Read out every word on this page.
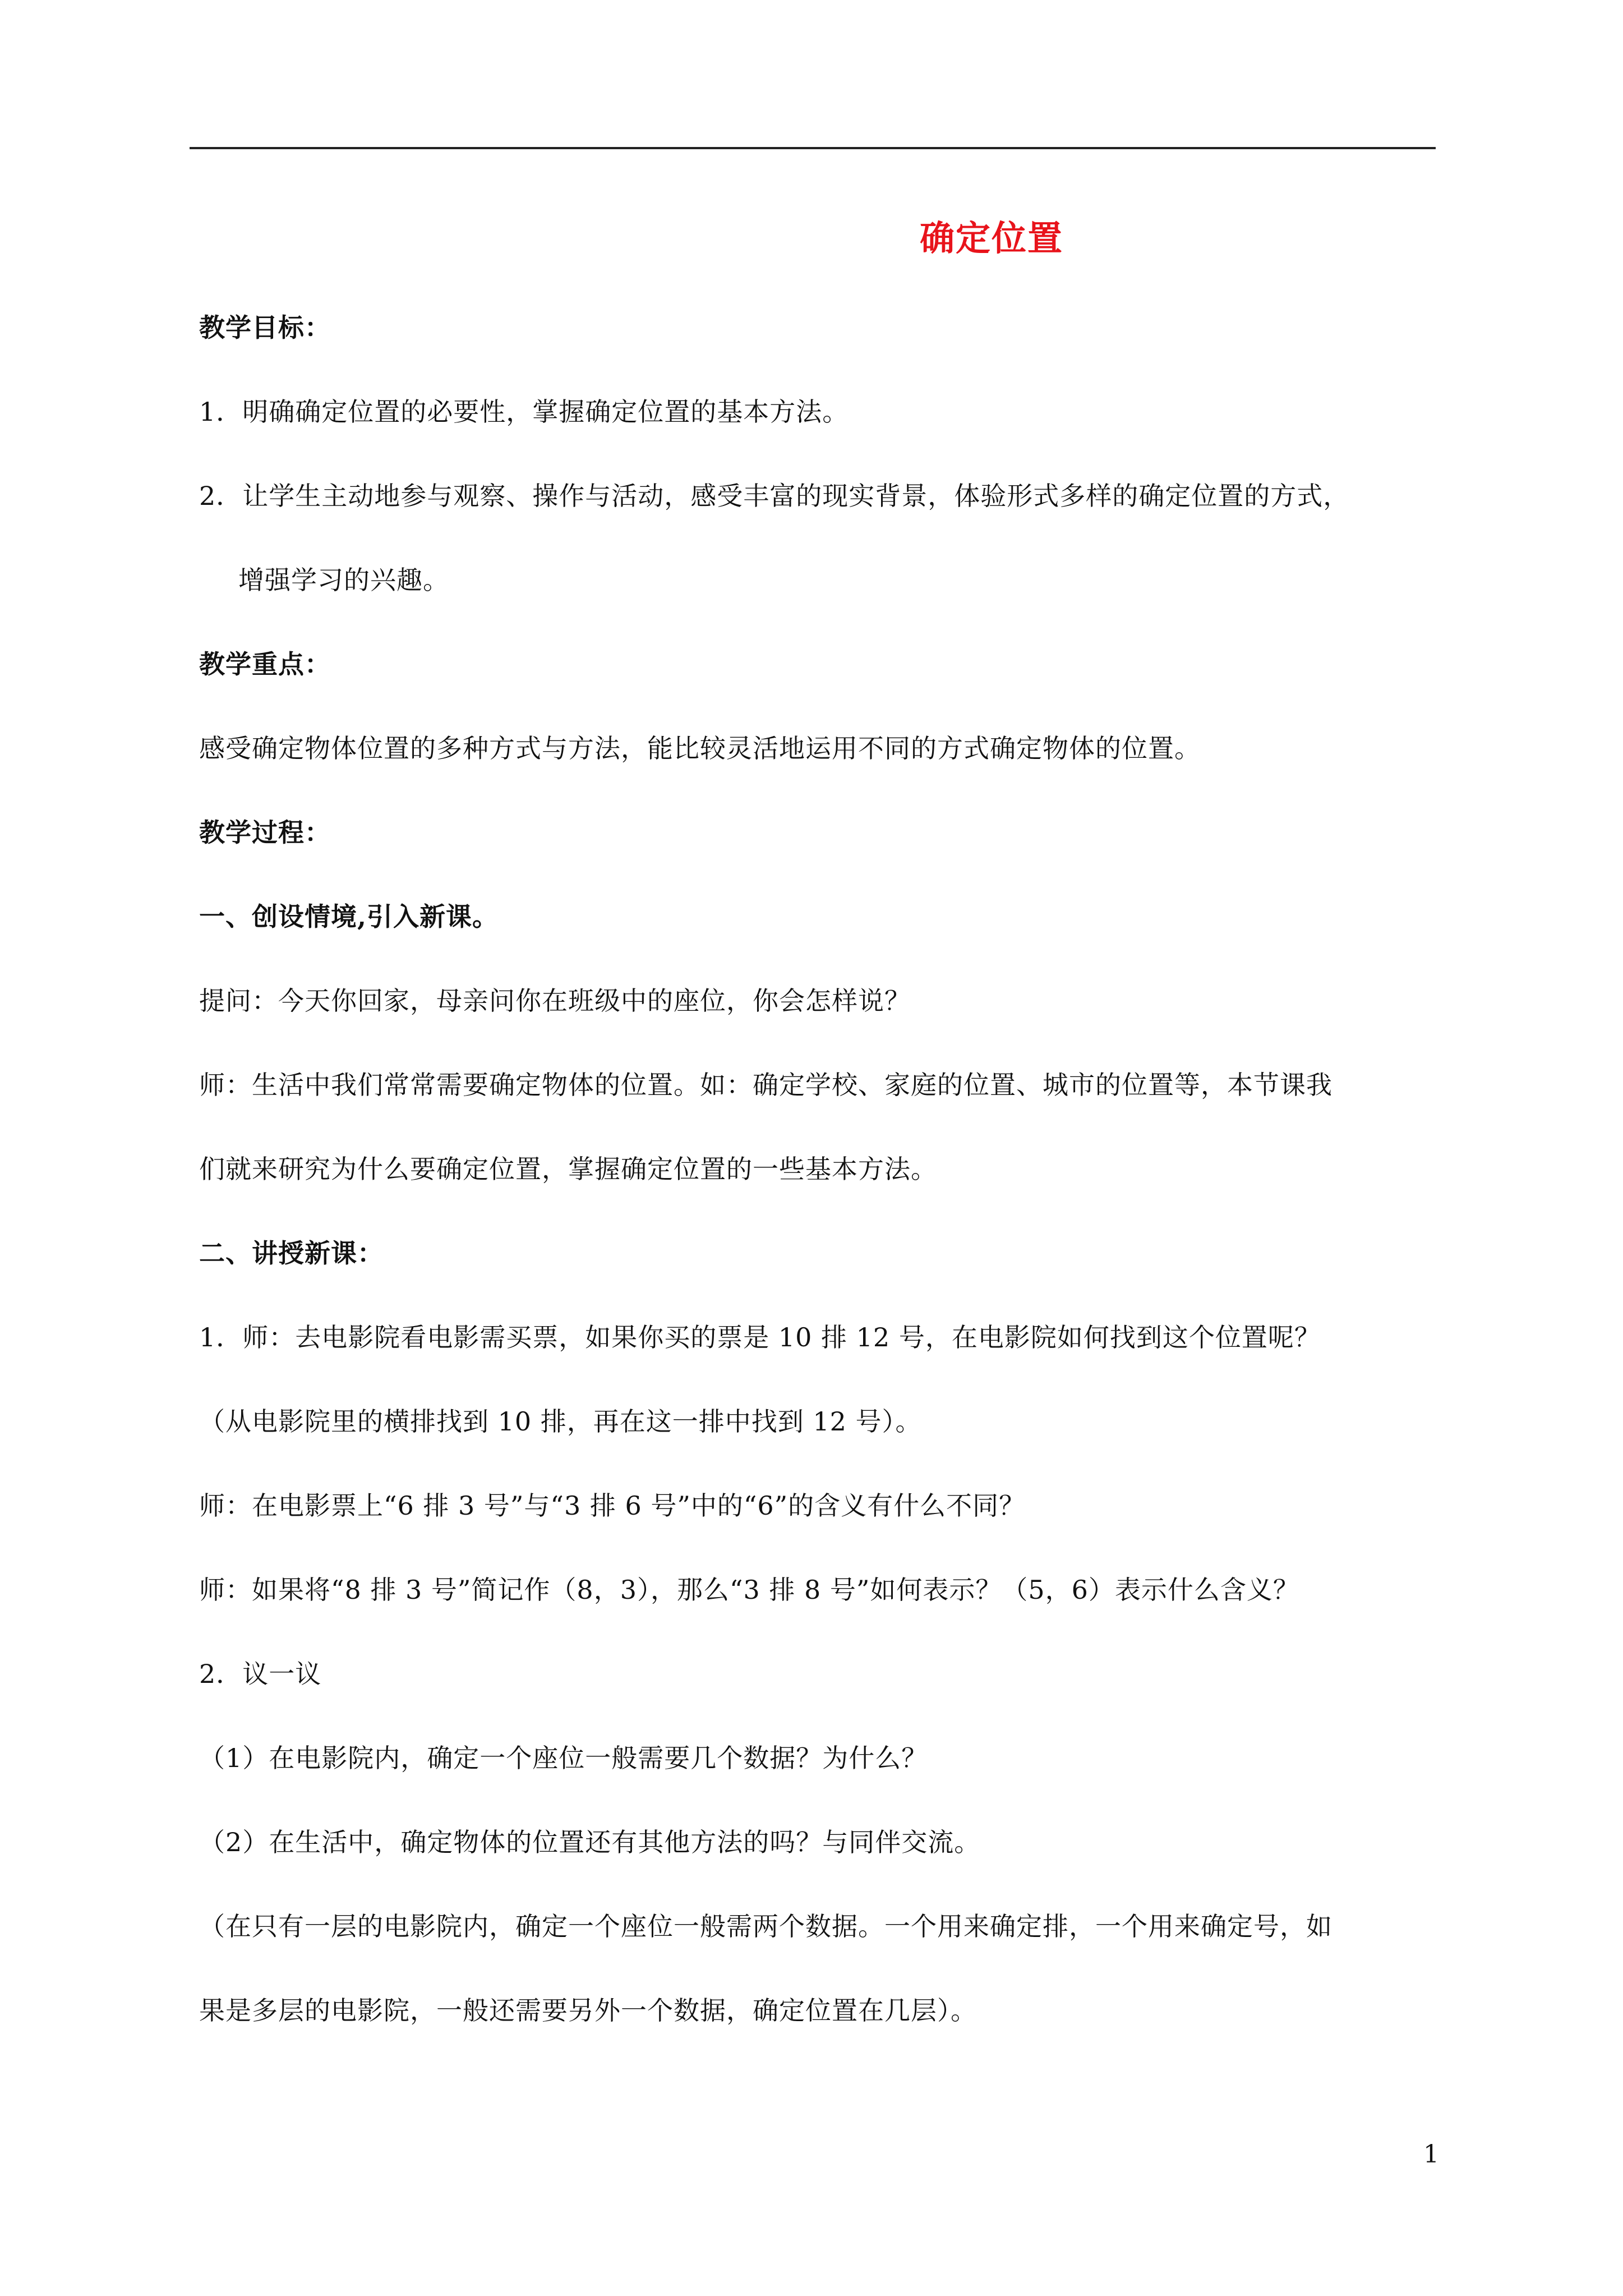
确定位置
教学目标：
1．明确确定位置的必要性，掌握确定位置的基本方法。
2．让学生主动地参与观察、操作与活动，感受丰富的现实背景，体验形式多样的确定位置的方式，
增强学习的兴趣。
教学重点：
感受确定物体位置的多种方式与方法，能比较灵活地运用不同的方式确定物体的位置。
教学过程：
一、创设情境,引入新课。
提问：今天你回家，母亲问你在班级中的座位，你会怎样说？
师：生活中我们常常需要确定物体的位置。如：确定学校、家庭的位置、城市的位置等，本节课我
们就来研究为什么要确定位置，掌握确定位置的一些基本方法。
二、讲授新课：
1．师：去电影院看电影需买票，如果你买的票是 10 排 12 号，在电影院如何找到这个位置呢？
（从电影院里的横排找到 10 排，再在这一排中找到 12 号）。
师：在电影票上“6 排 3 号”与“3 排 6 号”中的“6”的含义有什么不同？
师：如果将“8 排 3 号”简记作（8，3），那么“3 排 8 号”如何表示？（5，6）表示什么含义？
2．议一议
（1）在电影院内，确定一个座位一般需要几个数据？为什么？
（2）在生活中，确定物体的位置还有其他方法的吗？与同伴交流。
（在只有一层的电影院内，确定一个座位一般需两个数据。一个用来确定排，一个用来确定号，如
果是多层的电影院，一般还需要另外一个数据，确定位置在几层）。
1
